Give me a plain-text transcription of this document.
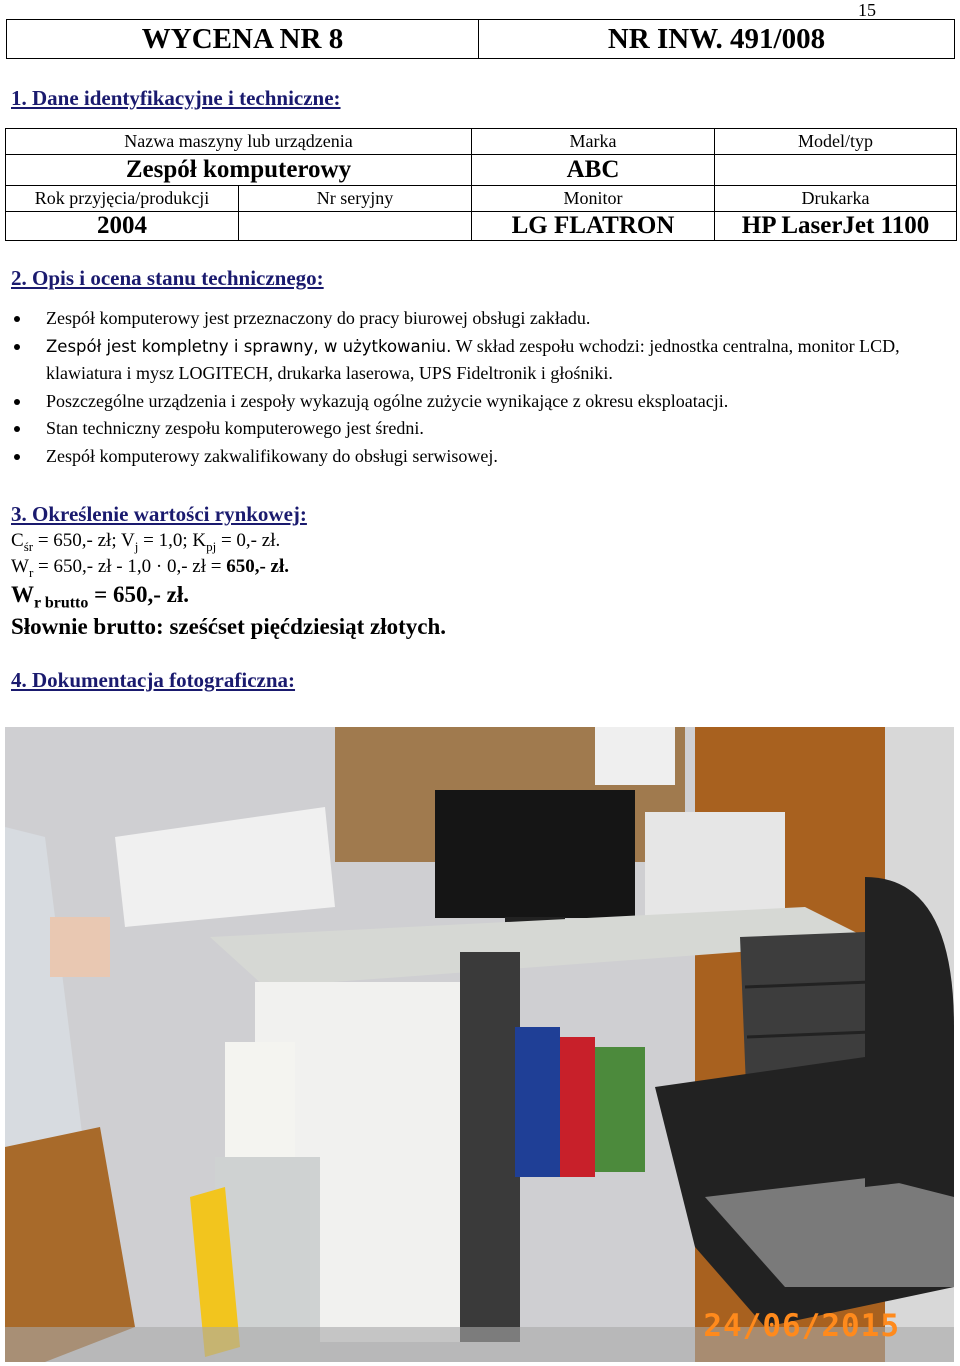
15
WYCENA NR 8	NR INW. 491/008
1. Dane identyfikacyjne i techniczne:
Nazwa maszyny lub urządzenia		Marka	Model/typ
Zespół komputerowy		ABC	
Rok przyjęcia/produkcji	Nr seryjny	Monitor	Drukarka
2004		LG FLATRON	HP LaserJet 1100
2. Opis i ocena stanu technicznego:
Zespół komputerowy jest przeznaczony do pracy biurowej obsługi zakładu.
Zespół jest kompletny i sprawny, w użytkowaniu. W skład zespołu wchodzi: jednostka centralna, monitor LCD, klawiatura i mysz LOGITECH, drukarka laserowa, UPS Fideltronik i głośniki.
Poszczególne urządzenia i zespoły wykazują ogólne zużycie wynikające z okresu eksploatacji.
Stan techniczny zespołu komputerowego jest średni.
Zespół komputerowy zakwalifikowany do obsługi serwisowej.
3. Określenie wartości rynkowej:
$C_{śr} = 650,-$ zł; $V_j = 1,0$; $K_{pj} = 0,-$ zł.
$W_r = 650,-$ zł - 1,0 · 0,- zł = 650,- zł.
$W_{r brutto} = 650,-$ zł.
Słownie brutto: sześćset pięćdziesiąt złotych.
4. Dokumentacja fotograficzna:
24/06/2015
